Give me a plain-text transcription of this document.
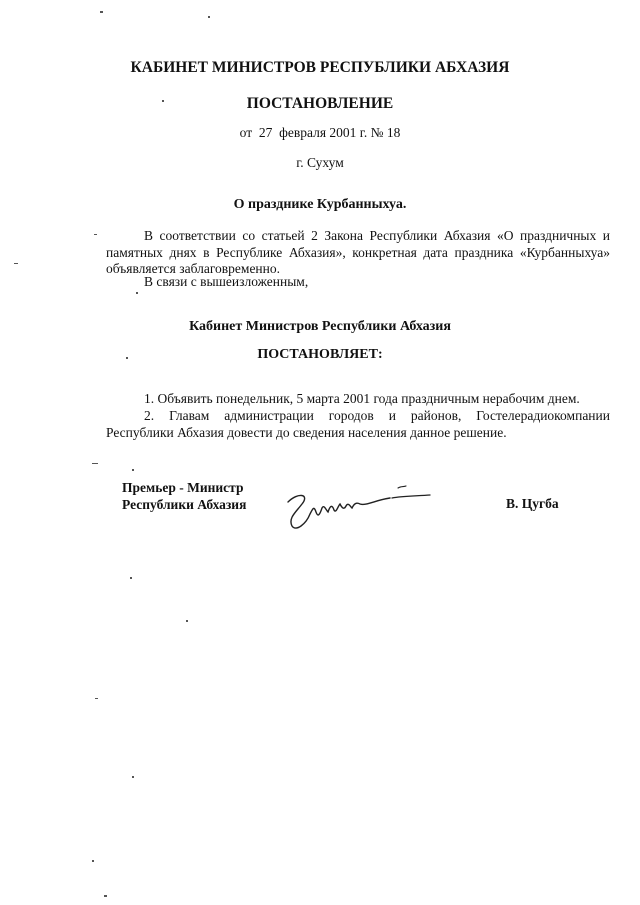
КАБИНЕТ МИНИСТРОВ РЕСПУБЛИКИ АБХАЗИЯ
ПОСТАНОВЛЕНИЕ
от  27  февраля 2001 г. № 18
г. Сухум
О празднике Курбанныхуа.

В соответствии со статьей 2 Закона Республики Абхазия «О праздничных и памятных днях в Республике Абхазия», конкретная дата праздника «Курбанныхуа» объявляется заблаговременно.

В связи с вышеизложенным,

Кабинет Министров Республики Абхазия
ПОСТАНОВЛЯЕТ:

1. Объявить понедельник, 5 марта 2001 года праздничным нерабочим днем.

2. Главам администрации городов и районов, Гостелерадиокомпании Республики Абхазия довести до сведения населения данное решение.

Премьер - Министр
Республики Абхазия	В. Цугба
